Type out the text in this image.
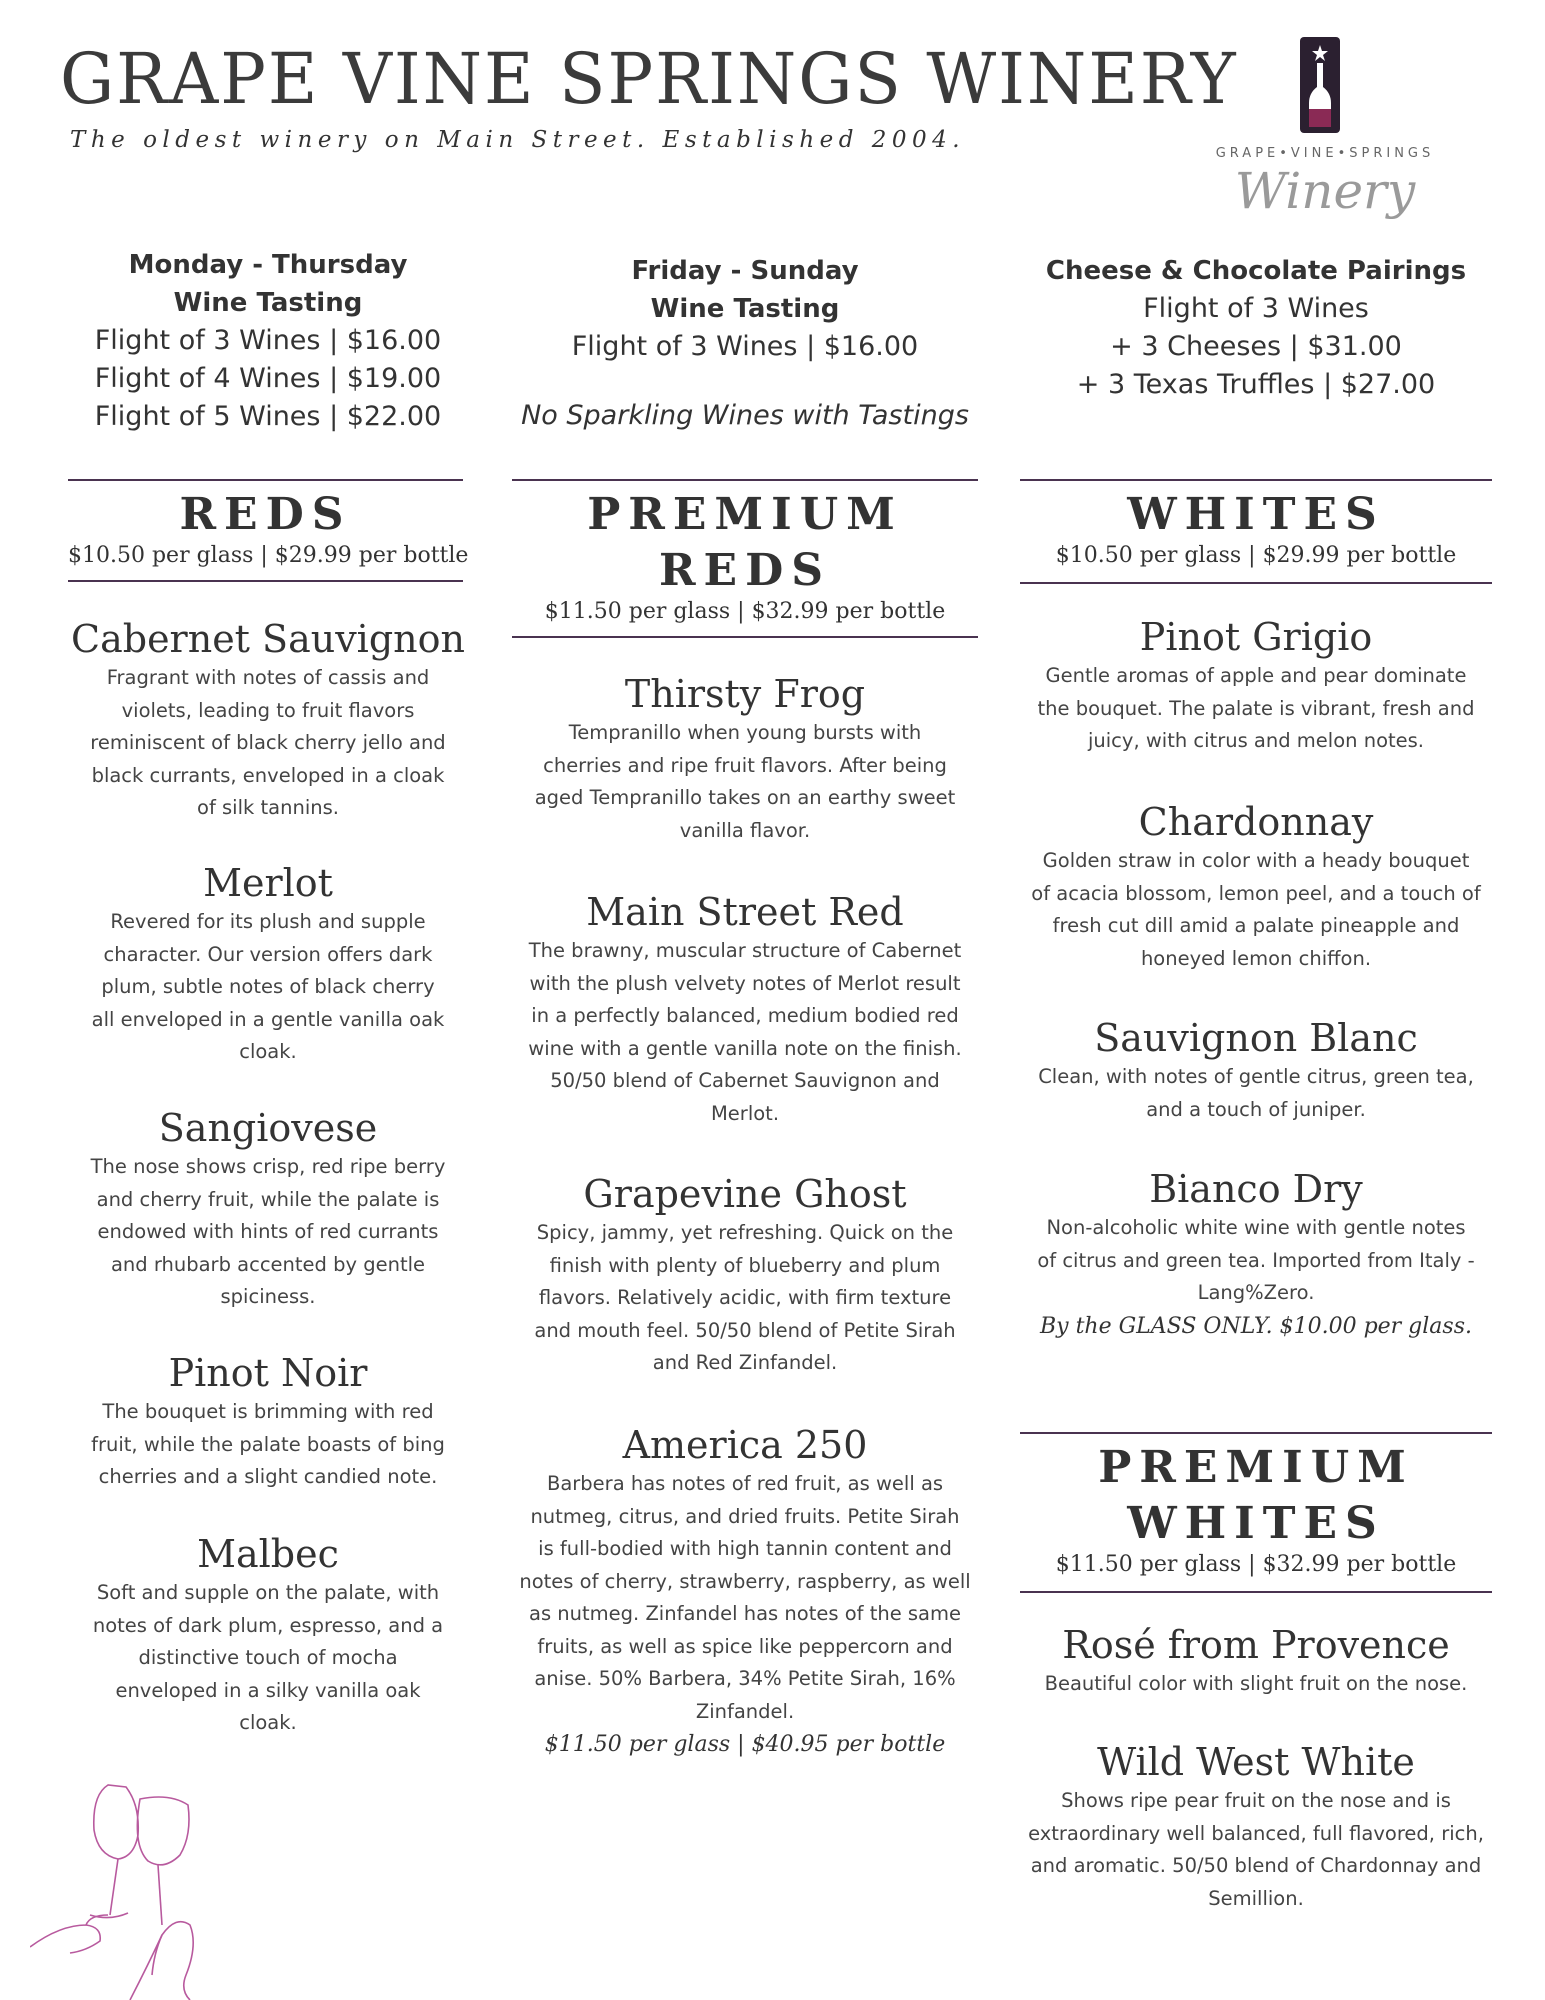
GRAPE VINE SPRINGS WINERY
The oldest winery on Main Street. Established 2004.
GRAPE•VINE•SPRINGS
Winery
Monday - Thursday
Wine Tasting
Flight of 3 Wines | $16.00
Flight of 4 Wines | $19.00
Flight of 5 Wines | $22.00
Friday - Sunday
Wine Tasting
Flight of 3 Wines | $16.00
No Sparkling Wines with Tastings
Cheese & Chocolate Pairings
Flight of 3 Wines
+ 3 Cheeses | $31.00
+ 3 Texas Truffles | $27.00
REDS
$10.50 per glass | $29.99 per bottle
PREMIUM
REDS
$11.50 per glass | $32.99 per bottle
WHITES
$10.50 per glass | $29.99 per bottle
PREMIUM
WHITES
$11.50 per glass | $32.99 per bottle
Cabernet Sauvignon
Fragrant with notes of cassis and
violets, leading to fruit flavors
reminiscent of black cherry jello and
black currants, enveloped in a cloak
of silk tannins.
Merlot
Revered for its plush and supple
character. Our version offers dark
plum, subtle notes of black cherry
all enveloped in a gentle vanilla oak
cloak.
Sangiovese
The nose shows crisp, red ripe berry
and cherry fruit, while the palate is
endowed with hints of red currants
and rhubarb accented by gentle
spiciness.
Pinot Noir
The bouquet is brimming with red
fruit, while the palate boasts of bing
cherries and a slight candied note.
Malbec
Soft and supple on the palate, with
notes of dark plum, espresso, and a
distinctive touch of mocha
enveloped in a silky vanilla oak
cloak.
Thirsty Frog
Tempranillo when young bursts with
cherries and ripe fruit flavors. After being
aged Tempranillo takes on an earthy sweet
vanilla flavor.
Main Street Red
The brawny, muscular structure of Cabernet
with the plush velvety notes of Merlot result
in a perfectly balanced, medium bodied red
wine with a gentle vanilla note on the finish.
50/50 blend of Cabernet Sauvignon and
Merlot.
Grapevine Ghost
Spicy, jammy, yet refreshing. Quick on the
finish with plenty of blueberry and plum
flavors. Relatively acidic, with firm texture
and mouth feel. 50/50 blend of Petite Sirah
and Red Zinfandel.
America 250
Barbera has notes of red fruit, as well as
nutmeg, citrus, and dried fruits. Petite Sirah
is full-bodied with high tannin content and
notes of cherry, strawberry, raspberry, as well
as nutmeg. Zinfandel has notes of the same
fruits, as well as spice like peppercorn and
anise. 50% Barbera, 34% Petite Sirah, 16%
Zinfandel.
$11.50 per glass | $40.95 per bottle
Pinot Grigio
Gentle aromas of apple and pear dominate
the bouquet. The palate is vibrant, fresh and
juicy, with citrus and melon notes.
Chardonnay
Golden straw in color with a heady bouquet
of acacia blossom, lemon peel, and a touch of
fresh cut dill amid a palate pineapple and
honeyed lemon chiffon.
Sauvignon Blanc
Clean, with notes of gentle citrus, green tea,
and a touch of juniper.
Bianco Dry
Non-alcoholic white wine with gentle notes
of citrus and green tea. Imported from Italy -
Lang%Zero.
By the GLASS ONLY. $10.00 per glass.
Rosé from Provence
Beautiful color with slight fruit on the nose.
Wild West White
Shows ripe pear fruit on the nose and is
extraordinary well balanced, full flavored, rich,
and aromatic. 50/50 blend of Chardonnay and
Semillion.
